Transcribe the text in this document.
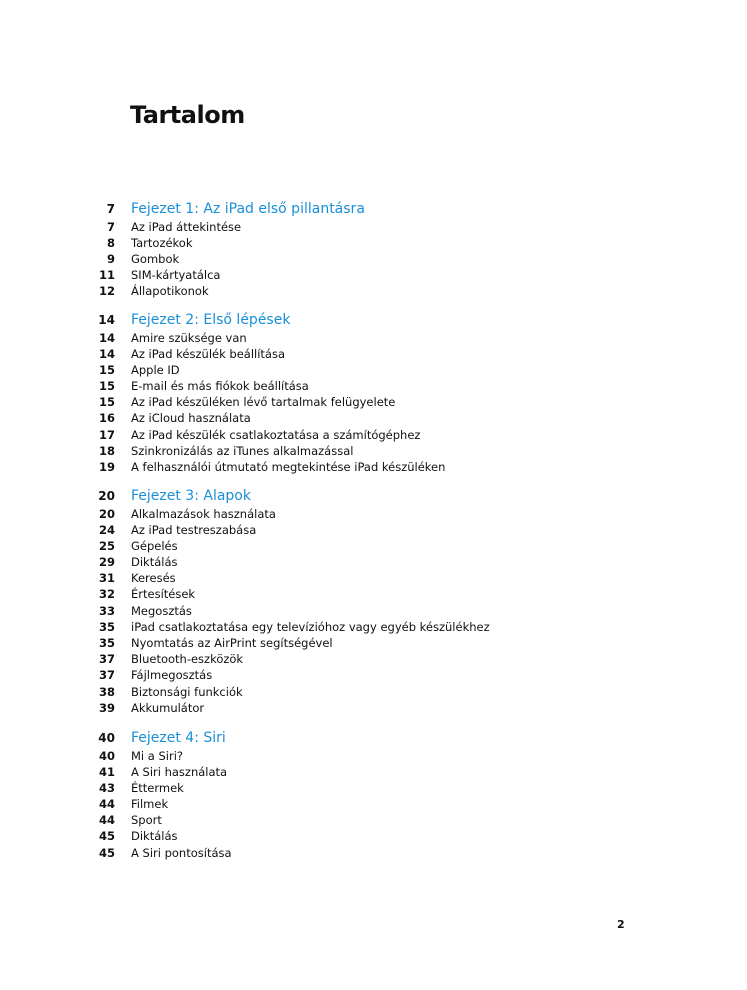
Tartalom
7 Fejezet 1: Az iPad első pillantásra
7 Az iPad áttekintése
8 Tartozékok
9 Gombok
11 SIM-kártyatálca
12 Állapotikonok
14 Fejezet 2: Első lépések
14 Amire szüksége van
14 Az iPad készülék beállítása
15 Apple ID
15 E-mail és más fiókok beállítása
15 Az iPad készüléken lévő tartalmak felügyelete
16 Az iCloud használata
17 Az iPad készülék csatlakoztatása a számítógéphez
18 Szinkronizálás az iTunes alkalmazással
19 A felhasználói útmutató megtekintése iPad készüléken
20 Fejezet 3: Alapok
20 Alkalmazások használata
24 Az iPad testreszabása
25 Gépelés
29 Diktálás
31 Keresés
32 Értesítések
33 Megosztás
35 iPad csatlakoztatása egy televízióhoz vagy egyéb készülékhez
35 Nyomtatás az AirPrint segítségével
37 Bluetooth-eszközök
37 Fájlmegosztás
38 Biztonsági funkciók
39 Akkumulátor
40 Fejezet 4: Siri
40 Mi a Siri?
41 A Siri használata
43 Éttermek
44 Filmek
44 Sport
45 Diktálás
45 A Siri pontosítása
2
